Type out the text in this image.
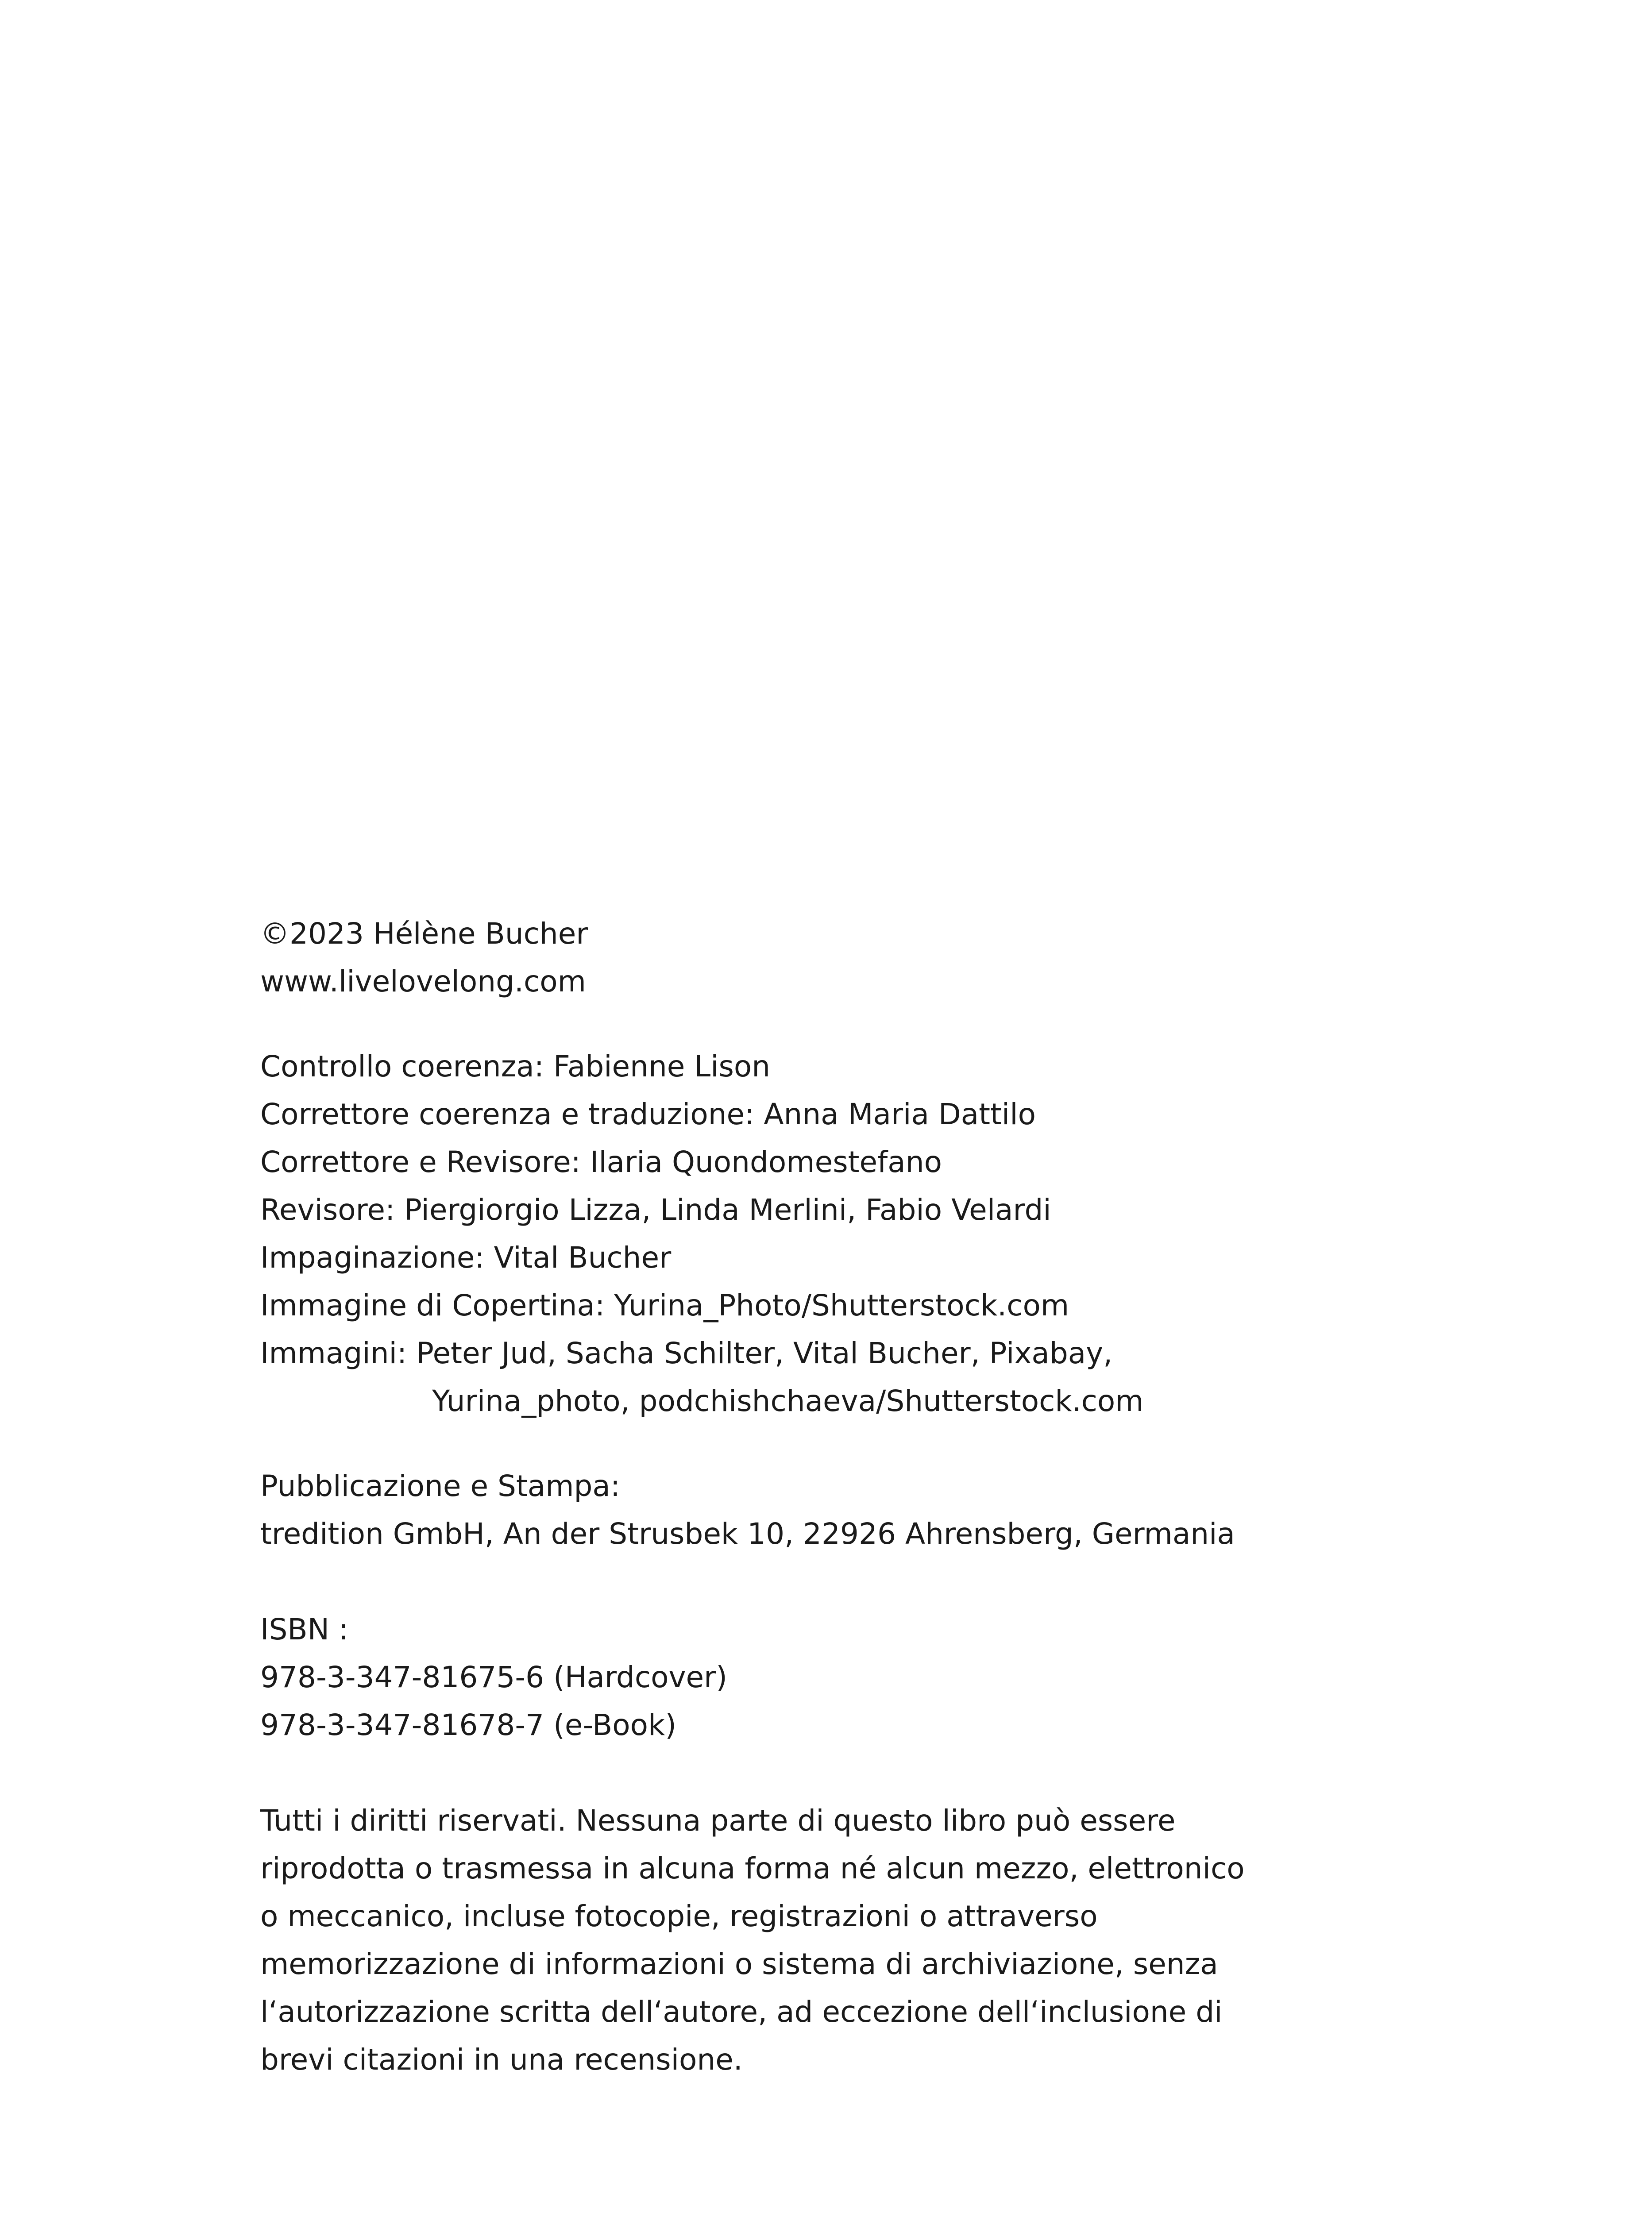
©2023 Hélène Bucher
www.livelovelong.com
Controllo coerenza: Fabienne Lison
Correttore coerenza e traduzione: Anna Maria Dattilo
Correttore e Revisore: Ilaria Quondomestefano
Revisore: Piergiorgio Lizza, Linda Merlini, Fabio Velardi
Impaginazione: Vital Bucher
Immagine di Copertina: Yurina_Photo/Shutterstock.com
Immagini: Peter Jud, Sacha Schilter, Vital Bucher, Pixabay,
Yurina_photo, podchishchaeva/Shutterstock.com
Pubblicazione e Stampa:
tredition GmbH, An der Strusbek 10, 22926 Ahrensberg, Germania
ISBN :
978-3-347-81675-6 (Hardcover)
978-3-347-81678-7 (e-Book)
Tutti i diritti riservati. Nessuna parte di questo libro può essere
riprodotta o trasmessa in alcuna forma né alcun mezzo, elettronico
o meccanico, incluse fotocopie, registrazioni o attraverso
memorizzazione di informazioni o sistema di archiviazione, senza
l‘autorizzazione scritta dell‘autore, ad eccezione dell‘inclusione di
brevi citazioni in una recensione.
